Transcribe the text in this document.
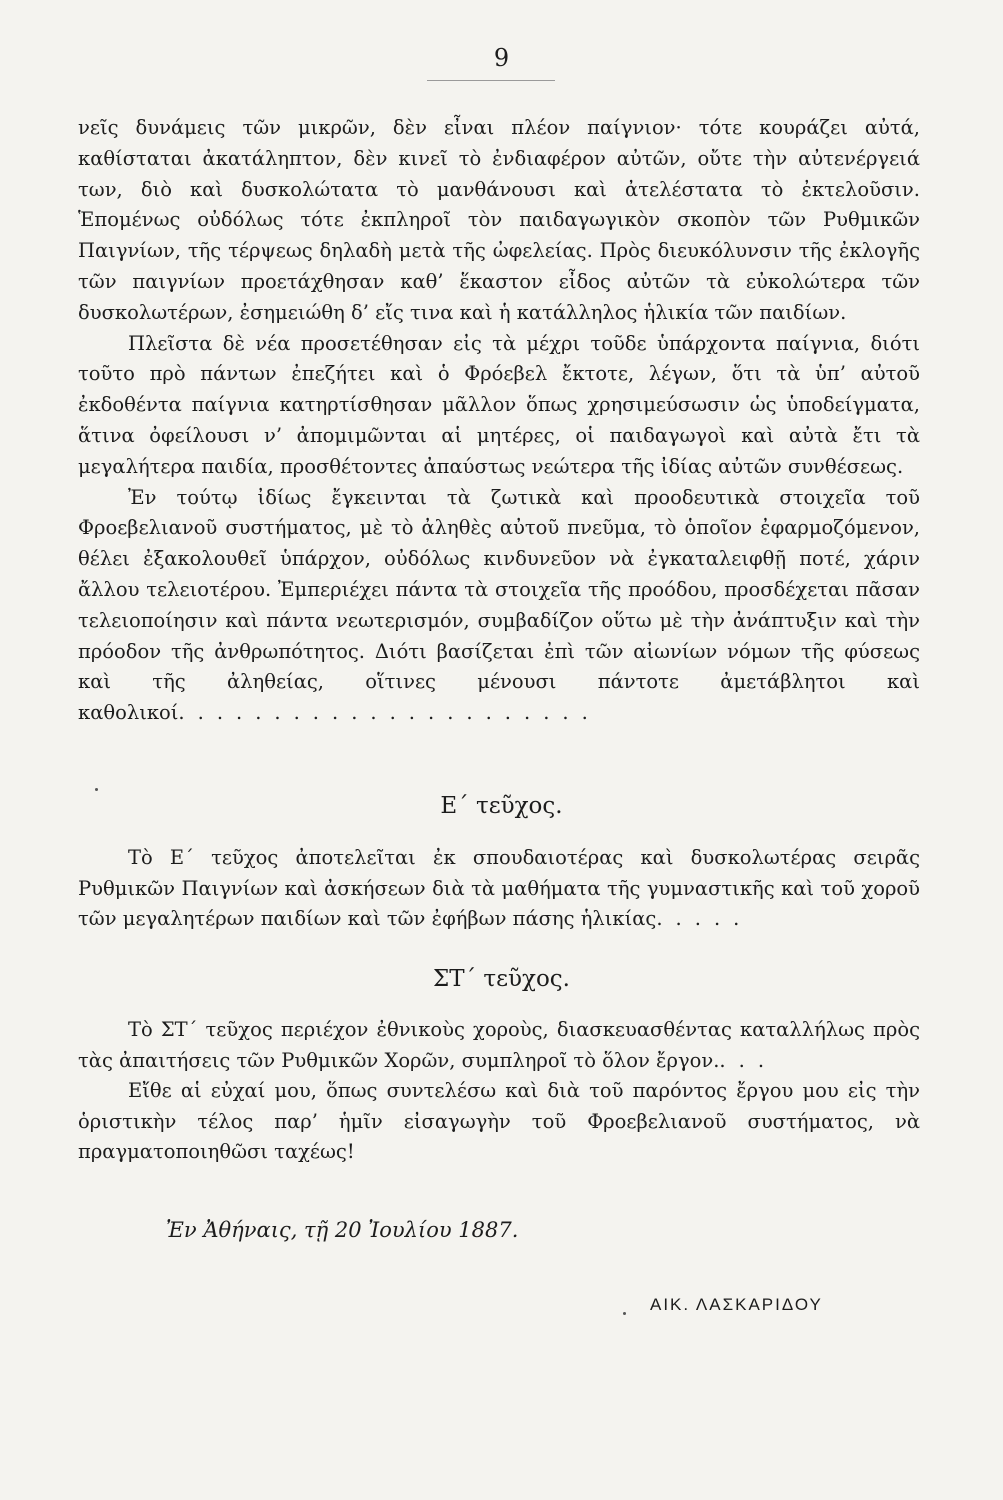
9

νεῖς δυνάμεις τῶν μικρῶν, δὲν εἶναι πλέον παίγνιον· τότε κουράζει αὐτά, καθίσταται ἀκατάληπτον, δὲν κινεῖ τὸ ἐνδιαφέρον αὐτῶν, οὔτε τὴν αὐτενέργειά των, διὸ καὶ δυσκολώτατα τὸ μανθάνουσι καὶ ἀτελέστατα τὸ ἐκτελοῦσιν. Ἑπομένως οὐδόλως τότε ἐκπληροῖ τὸν παιδαγωγικὸν σκοπὸν τῶν Ρυθμικῶν Παιγνίων, τῆς τέρψεως δηλαδὴ μετὰ τῆς ὠφελείας. Πρὸς διευκόλυνσιν τῆς ἐκλογῆς τῶν παιγνίων προετάχθησαν καθ’ ἕκαστον εἶδος αὐτῶν τὰ εὐκολώτερα τῶν δυσκολωτέρων, ἐσημειώθη δ’ εἴς τινα καὶ ἡ κατάλληλος ἡλικία τῶν παιδίων.

Πλεῖστα δὲ νέα προσετέθησαν εἰς τὰ μέχρι τοῦδε ὑπάρχοντα παίγνια, διότι τοῦτο πρὸ πάντων ἐπεζήτει καὶ ὁ Φρόεβελ ἔκτοτε, λέγων, ὅτι τὰ ὑπ’ αὐτοῦ ἐκδοθέντα παίγνια κατηρτίσθησαν μᾶλλον ὅπως χρησιμεύσωσιν ὡς ὑποδείγματα, ἅτινα ὀφείλουσι ν’ ἀπομιμῶνται αἱ μητέρες, οἱ παιδαγωγοὶ καὶ αὐτὰ ἔτι τὰ μεγαλήτερα παιδία, προσθέτοντες ἀπαύστως νεώτερα τῆς ἰδίας αὐτῶν συνθέσεως.

Ἐν τούτῳ ἰδίως ἔγκεινται τὰ ζωτικὰ καὶ προοδευτικὰ στοιχεῖα τοῦ Φροεβελιανοῦ συστήματος, μὲ τὸ ἀληθὲς αὐτοῦ πνεῦμα, τὸ ὁποῖον ἐφαρμοζόμενον, θέλει ἐξακολουθεῖ ὑπάρχον, οὐδόλως κινδυνεῦον νὰ ἐγκαταλειφθῇ ποτέ, χάριν ἄλλου τελειοτέρου. Ἐμπεριέχει πάντα τὰ στοιχεῖα τῆς προόδου, προσδέχεται πᾶσαν τελειοποίησιν καὶ πάντα νεωτερισμόν, συμβαδίζον οὕτω μὲ τὴν ἀνάπτυξιν καὶ τὴν πρόοδον τῆς ἀνθρωπότητος. Διότι βασίζεται ἐπὶ τῶν αἰωνίων νόμων τῆς φύσεως καὶ τῆς ἀληθείας, οἵτινες μένουσι πάντοτε ἀμετάβλητοι καὶ καθολικοί......................

Ε΄ τεῦχος.

Τὸ Ε΄ τεῦχος ἀποτελεῖται ἐκ σπουδαιοτέρας καὶ δυσκολωτέρας σειρᾶς Ρυθμικῶν Παιγνίων καὶ ἀσκήσεων διὰ τὰ μαθήματα τῆς γυμναστικῆς καὶ τοῦ χοροῦ τῶν μεγαλητέρων παιδίων καὶ τῶν ἐφήβων πάσης ἡλικίας.....

ΣΤ΄ τεῦχος.

Τὸ ΣΤ΄ τεῦχος περιέχον ἐθνικοὺς χοροὺς, διασκευασθέντας καταλλήλως πρὸς τὰς ἀπαιτήσεις τῶν Ρυθμικῶν Χορῶν, συμπληροῖ τὸ ὅλον ἔργον....

Εἴθε αἱ εὐχαί μου, ὅπως συντελέσω καὶ διὰ τοῦ παρόντος ἔργου μου εἰς τὴν ὁριστικὴν τέλος παρ’ ἡμῖν εἰσαγωγὴν τοῦ Φροεβελιανοῦ συστήματος, νὰ πραγματοποιηθῶσι ταχέως!

Ἐν Ἀθήναις, τῇ 20 Ἰουλίου 1887.
ΑΙΚ. ΛΑΣΚΑΡΙΔΟΥ
